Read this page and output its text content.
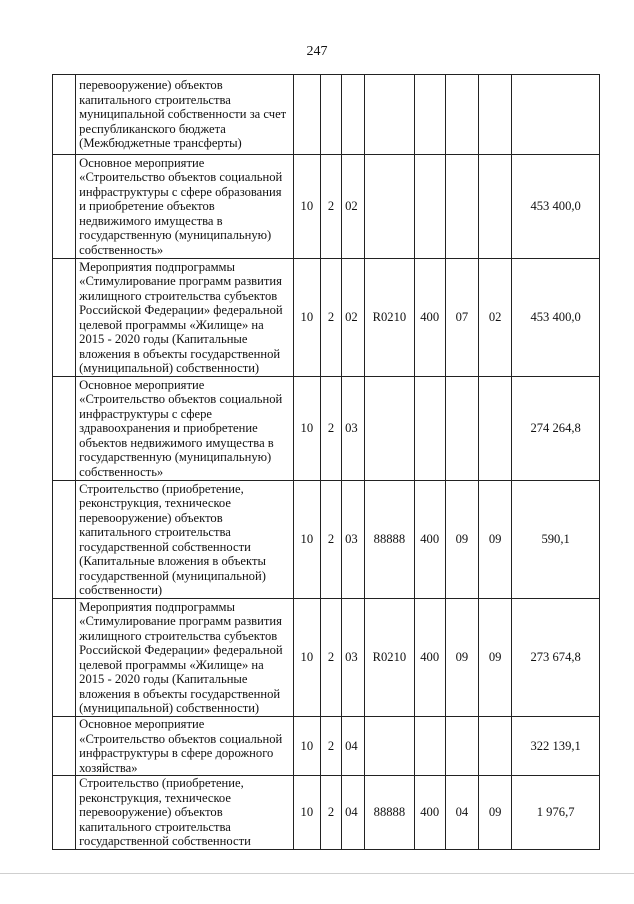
247
	перевооружение) объектов капитального строительства муниципальной собственности за счет республиканского бюджета (Межбюджетные трансферты)								
	Основное мероприятие «Строительство объектов социальной инфраструктуры с сфере образования и приобретение объектов недвижимого имущества в государственную (муниципальную) собственность»	10	2	02					453 400,0
	Мероприятия подпрограммы «Стимулирование программ развития жилищного строительства субъектов Российской Федерации» федеральной целевой программы «Жилище» на 2015 - 2020 годы (Капитальные вложения в объекты государственной (муниципальной) собственности)	10	2	02	R0210	400	07	02	453 400,0
	Основное мероприятие «Строительство объектов социальной инфраструктуры с сфере здравоохранения и приобретение объектов недвижимого имущества в государственную (муниципальную) собственность»	10	2	03					274 264,8
	Строительство (приобретение, реконструкция, техническое перевооружение) объектов капитального строительства государственной собственности (Капитальные вложения в объекты государственной (муниципальной) собственности)	10	2	03	88888	400	09	09	590,1
	Мероприятия подпрограммы «Стимулирование программ развития жилищного строительства субъектов Российской Федерации» федеральной целевой программы «Жилище» на 2015 - 2020 годы (Капитальные вложения в объекты государственной (муниципальной) собственности)	10	2	03	R0210	400	09	09	273 674,8
	Основное мероприятие «Строительство объектов социальной инфраструктуры в сфере дорожного хозяйства»	10	2	04					322 139,1
	Строительство (приобретение, реконструкция, техническое перевооружение) объектов капитального строительства государственной собственности	10	2	04	88888	400	04	09	1 976,7
